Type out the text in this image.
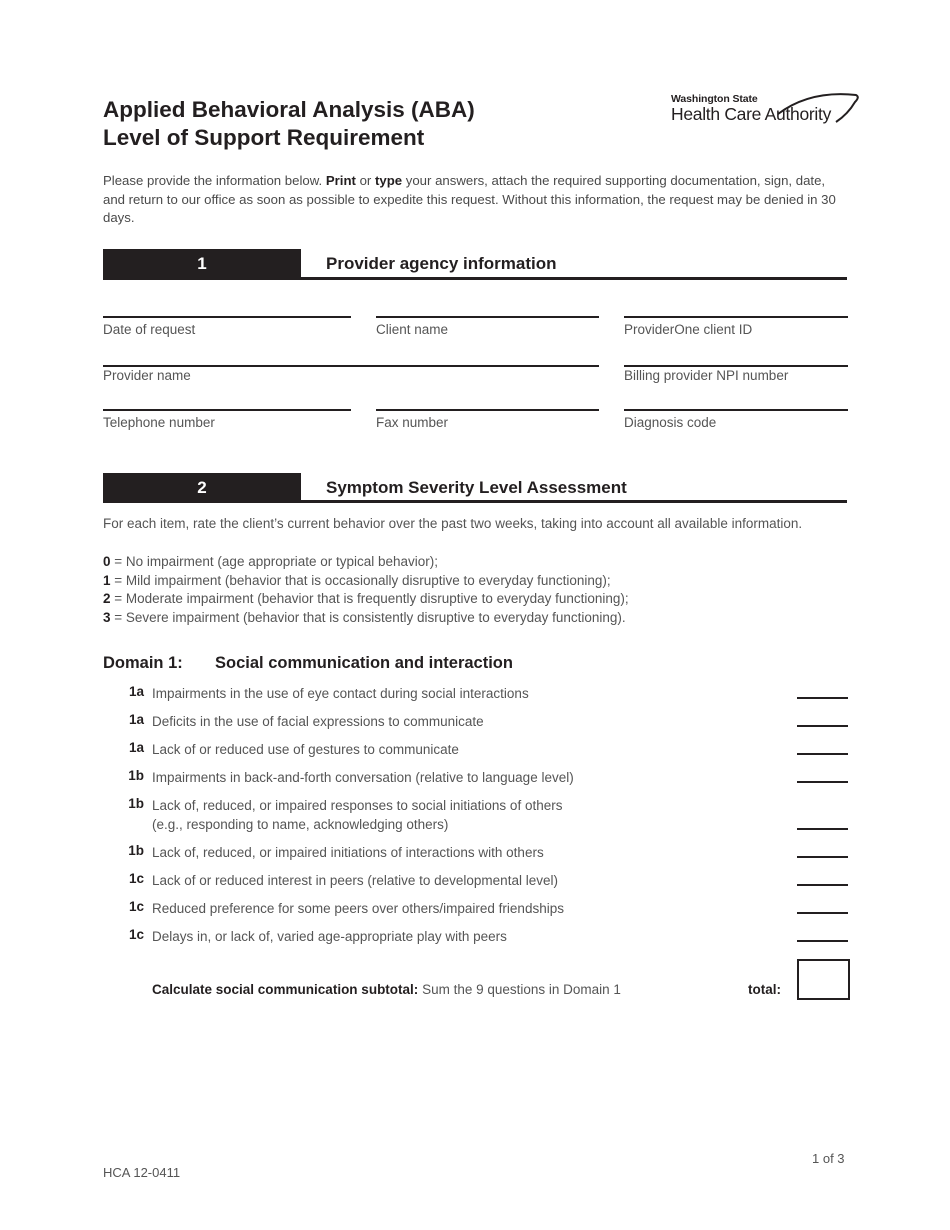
Applied Behavioral Analysis (ABA)
Level of Support Requirement
Washington State
Health Care Authority
Please provide the information below. Print or type your answers, attach the required supporting documentation, sign, date, and return to our office as soon as possible to expedite this request. Without this information, the request may be denied in 30 days.
1	Provider agency information
Date of request	Client name	ProviderOne client ID
Provider name	Billing provider NPI number
Telephone number	Fax number	Diagnosis code
2	Symptom Severity Level Assessment
For each item, rate the client’s current behavior over the past two weeks, taking into account all available information.
0 = No impairment (age appropriate or typical behavior);
1 = Mild impairment (behavior that is occasionally disruptive to everyday functioning);
2 = Moderate impairment (behavior that is frequently disruptive to everyday functioning);
3 = Severe impairment (behavior that is consistently disruptive to everyday functioning).
Domain 1: Social communication and interaction
1a Impairments in the use of eye contact during social interactions
1a Deficits in the use of facial expressions to communicate
1a Lack of or reduced use of gestures to communicate
1b Impairments in back-and-forth conversation (relative to language level)
1b Lack of, reduced, or impaired responses to social initiations of others
(e.g., responding to name, acknowledging others)
1b Lack of, reduced, or impaired initiations of interactions with others
1c Lack of or reduced interest in peers (relative to developmental level)
1c Reduced preference for some peers over others/impaired friendships
1c Delays in, or lack of, varied age-appropriate play with peers
Calculate social communication subtotal: Sum the 9 questions in Domain 1	total:
HCA 12-0411
1 of 3
